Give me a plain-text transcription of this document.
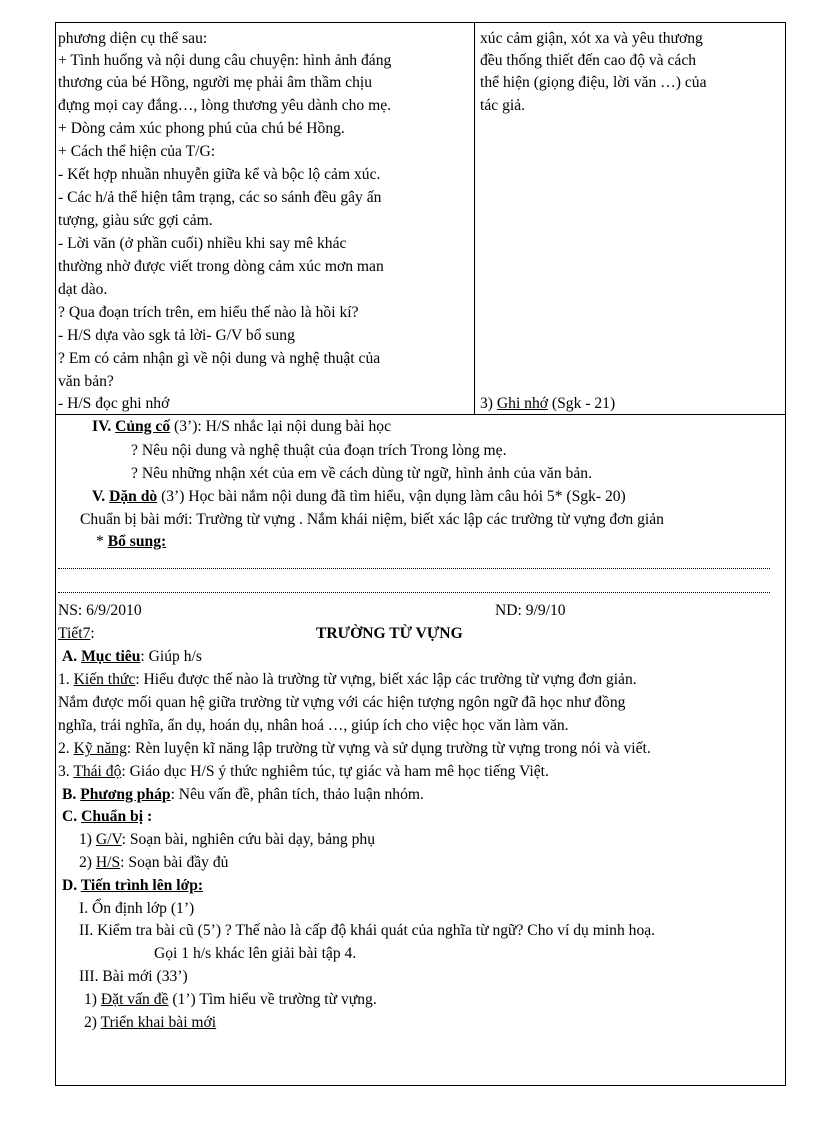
phương diện cụ thể sau:
+ Tình huống và nội dung câu chuyện: hình ảnh đáng
thương của bé Hồng, người mẹ phải âm thầm chịu
đựng mọi cay đắng…, lòng thương yêu dành cho mẹ.
+ Dòng cảm xúc phong phú của chú bé Hồng.
+ Cách thể hiện của T/G:
- Kết hợp nhuần nhuyễn giữa kể và bộc lộ cảm xúc.
- Các h/ả thể hiện tâm trạng, các so sánh đều gây ấn
tượng, giàu sức gợi cảm.
- Lời văn (ở phần cuối) nhiều khi say mê khác
thường nhờ được viết trong dòng cảm xúc mơn man
dạt dào.
? Qua đoạn trích trên, em hiểu thế nào là hồi kí?
- H/S dựa vào sgk tả lời- G/V bổ sung
? Em có cảm nhận gì về nội dung và nghệ thuật của
văn bản?
- H/S đọc ghi nhớ
xúc cảm giận, xót xa và yêu thương
đều thống thiết đến cao độ và cách
thể hiện (giọng điệu, lời văn …) của
tác giả.
3) Ghi nhớ (Sgk - 21)
IV. Củng cố (3’): H/S nhắc lại nội dung bài học
? Nêu nội dung và nghệ thuật của đoạn trích Trong lòng mẹ.
? Nêu những nhận xét của em về cách dùng từ ngữ, hình ảnh của văn bản.
V. Dặn dò (3’) Học bài nắm nội dung đã tìm hiểu, vận dụng làm câu hỏi 5* (Sgk- 20)
Chuẩn bị bài mới: Trường từ vựng . Nắm khái niệm, biết xác lập các trường từ vựng đơn giản
* Bổ sung:
NS: 6/9/2010	ND: 9/9/10
Tiết7:	TRƯỜNG TỪ VỰNG
A. Mục tiêu: Giúp h/s
1. Kiến thức: Hiểu được thế nào là trường từ vựng, biết xác lập các trường từ vựng đơn giản.
Nắm được mối quan hệ giữa trường từ vựng với các hiện tượng ngôn ngữ đã học như đồng
nghĩa, trái nghĩa, ẩn dụ, hoán dụ, nhân hoá …, giúp ích cho việc học văn làm văn.
2. Kỹ năng: Rèn luyện kĩ năng lập trường từ vựng và sử dụng trường từ vựng trong nói và viết.
3. Thái độ: Giáo dục H/S ý thức nghiêm túc, tự giác và ham mê học tiếng Việt.
B. Phương pháp: Nêu vấn đề, phân tích, thảo luận nhóm.
C. Chuẩn bị :
1) G/V: Soạn bài, nghiên cứu bài dạy, bảng phụ
2) H/S: Soạn bài đầy đủ
D. Tiến trình lên lớp:
I. Ổn định lớp (1’)
II. Kiểm tra bài cũ (5’) ? Thế nào là cấp độ khái quát của nghĩa từ ngữ? Cho ví dụ minh hoạ.
Gọi 1 h/s khác lên giải bài tập 4.
III. Bài mới (33’)
1) Đặt vấn đề (1’) Tìm hiểu về trường từ vựng.
2) Triển khai bài mới
